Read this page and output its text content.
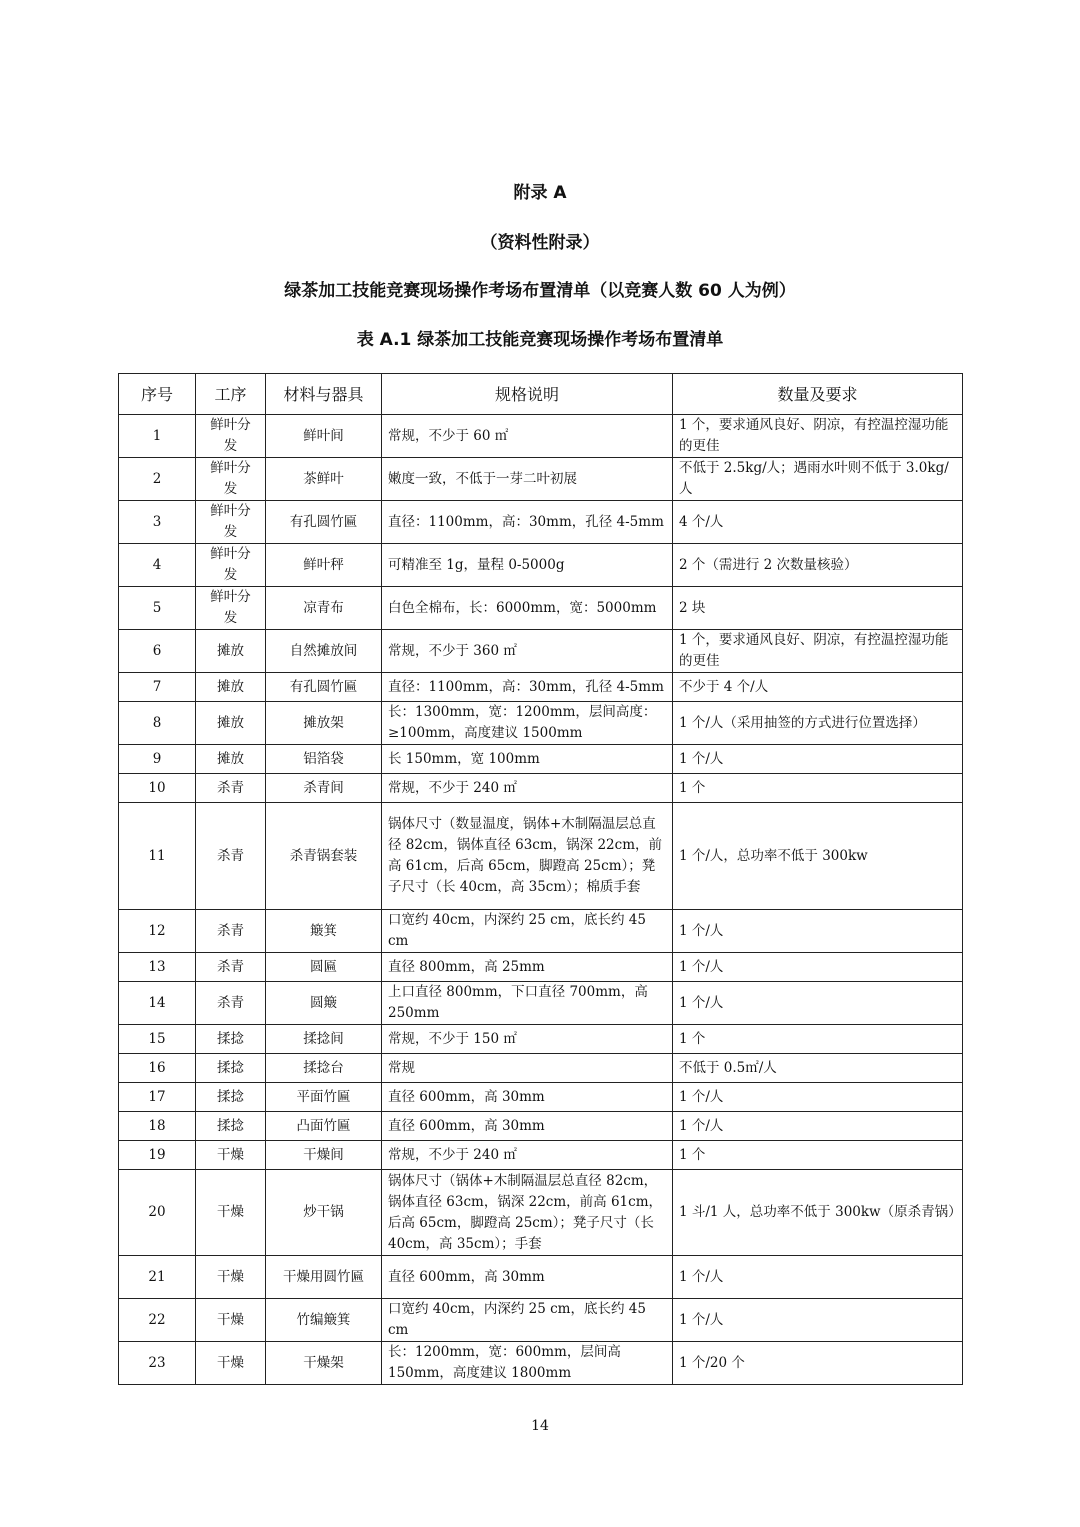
附录 A
（资料性附录）
绿茶加工技能竞赛现场操作考场布置清单（以竞赛人数 60 人为例）
表 A.1 绿茶加工技能竞赛现场操作考场布置清单
序号	工序	材料与器具	规格说明	数量及要求
1	鲜叶分发	鲜叶间	常规，不少于 60 ㎡	1 个，要求通风良好、阴凉，有控温控湿功能的更佳
2	鲜叶分发	茶鲜叶	嫩度一致，不低于一芽二叶初展	不低于 2.5kg/人；遇雨水叶则不低于 3.0kg/人
3	鲜叶分发	有孔圆竹匾	直径：1100mm，高：30mm，孔径 4-5mm	4 个/人
4	鲜叶分发	鲜叶秤	可精准至 1g，量程 0-5000g	2 个（需进行 2 次数量核验）
5	鲜叶分发	凉青布	白色全棉布，长：6000mm，宽：5000mm	2 块
6	摊放	自然摊放间	常规，不少于 360 ㎡	1 个，要求通风良好、阴凉，有控温控湿功能的更佳
7	摊放	有孔圆竹匾	直径：1100mm，高：30mm，孔径 4-5mm	不少于 4 个/人
8	摊放	摊放架	长：1300mm，宽：1200mm，层间高度：≥100mm，高度建议 1500mm	1 个/人（采用抽签的方式进行位置选择）
9	摊放	铝箔袋	长 150mm，宽 100mm	1 个/人
10	杀青	杀青间	常规，不少于 240 ㎡	1 个
11	杀青	杀青锅套装	锅体尺寸（数显温度，锅体+木制隔温层总直径 82cm，锅体直径 63cm，锅深 22cm，前高 61cm，后高 65cm，脚蹬高 25cm）；凳子尺寸（长 40cm，高 35cm）；棉质手套	1 个/人，总功率不低于 300kw
12	杀青	簸箕	口宽约 40cm，内深约 25 cm，底长约 45 cm	1 个/人
13	杀青	圆匾	直径 800mm，高 25mm	1 个/人
14	杀青	圆簸	上口直径 800mm，下口直径 700mm，高 250mm	1 个/人
15	揉捻	揉捻间	常规，不少于 150 ㎡	1 个
16	揉捻	揉捻台	常规	不低于 0.5㎡/人
17	揉捻	平面竹匾	直径 600mm，高 30mm	1 个/人
18	揉捻	凸面竹匾	直径 600mm，高 30mm	1 个/人
19	干燥	干燥间	常规，不少于 240 ㎡	1 个
20	干燥	炒干锅	锅体尺寸（锅体+木制隔温层总直径 82cm，锅体直径 63cm，锅深 22cm，前高 61cm，后高 65cm，脚蹬高 25cm）；凳子尺寸（长 40cm，高 35cm）；手套	1 斗/1 人，总功率不低于 300kw（原杀青锅）
21	干燥	干燥用圆竹匾	直径 600mm，高 30mm	1 个/人
22	干燥	竹编簸箕	口宽约 40cm，内深约 25 cm，底长约 45 cm	1 个/人
23	干燥	干燥架	长：1200mm，宽：600mm，层间高 150mm，高度建议 1800mm	1 个/20 个
14
